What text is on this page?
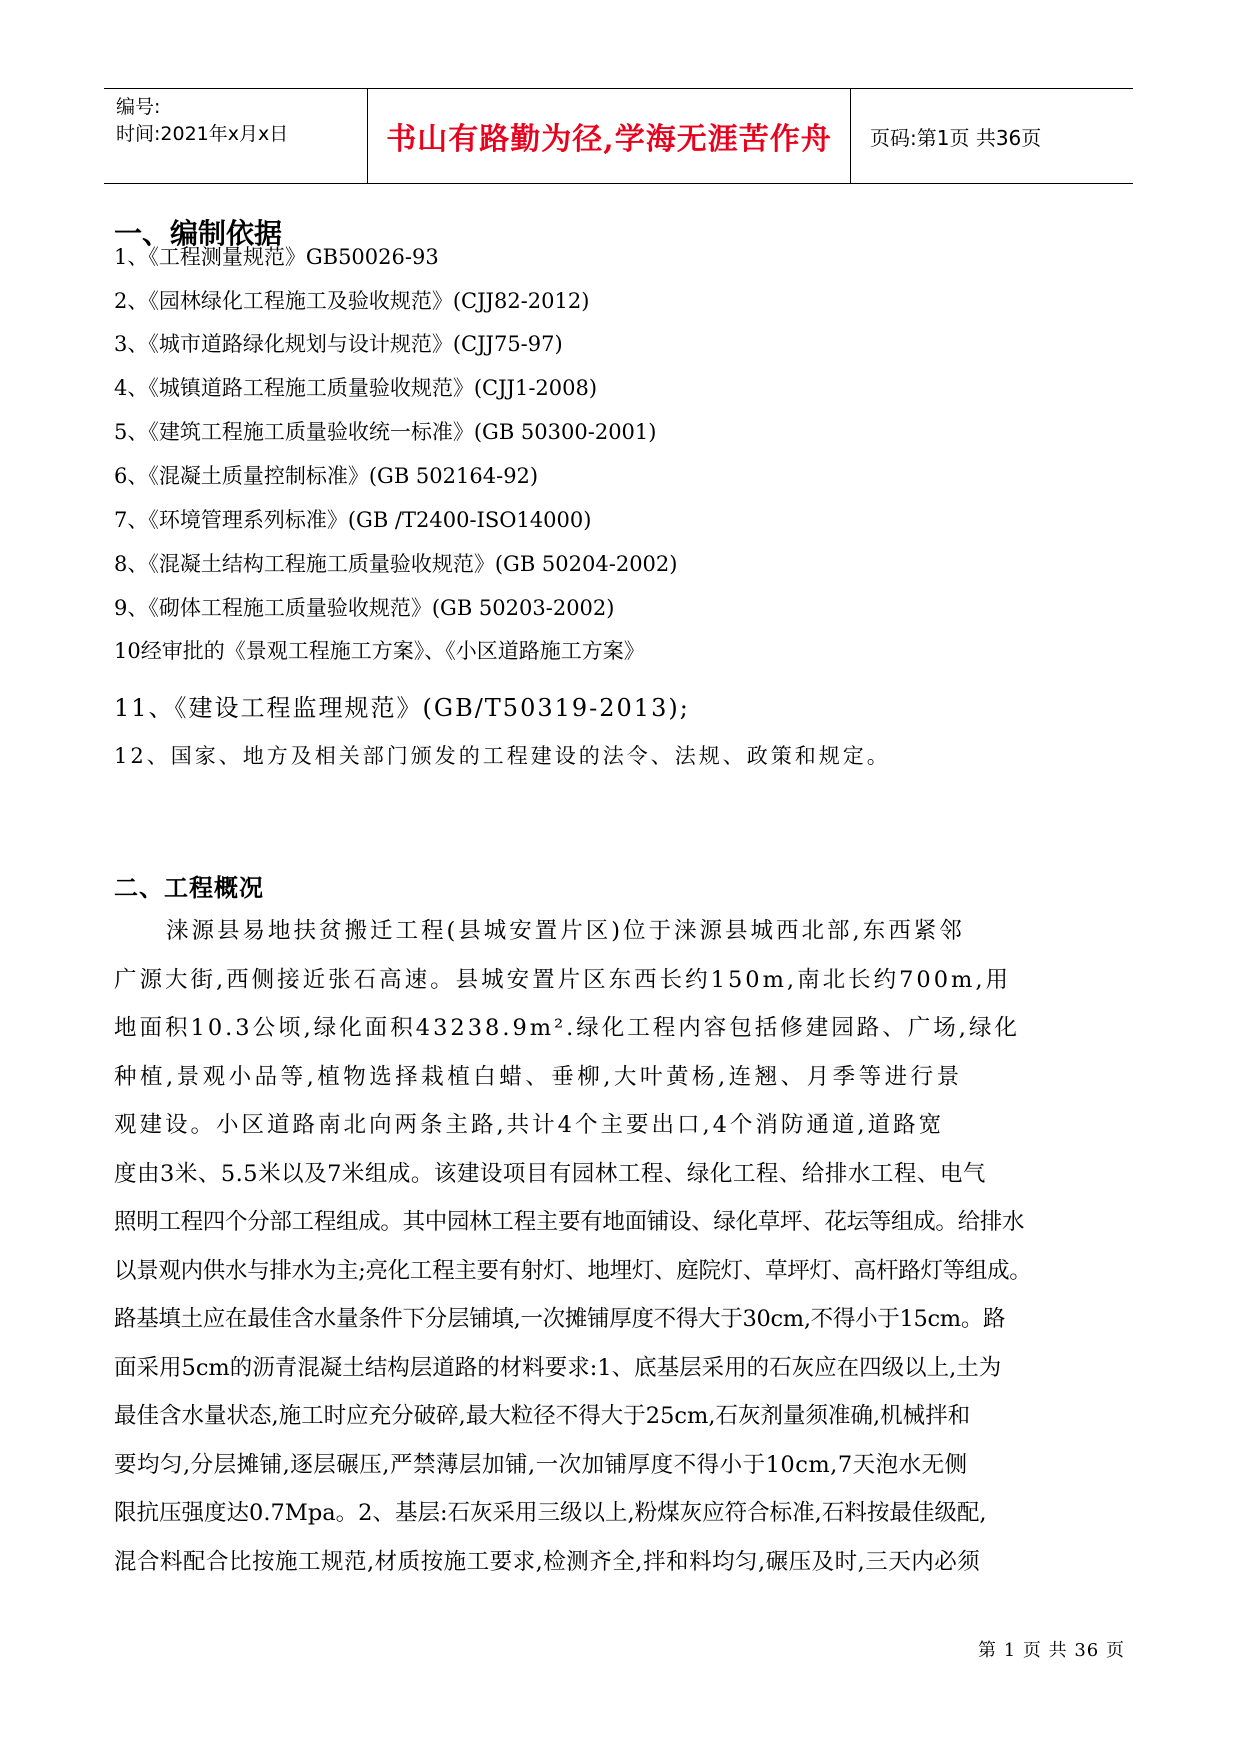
编号:
时间:2021年x月x日	书山有路勤为径,学海无涯苦作舟	页码:第1页 共36页
一、编制依据
1、《工程测量规范》GB50026-93
2、《园林绿化工程施工及验收规范》(CJJ82-2012)
3、《城市道路绿化规划与设计规范》(CJJ75-97)
4、《城镇道路工程施工质量验收规范》(CJJ1-2008)
5、《建筑工程施工质量验收统一标准》(GB 50300-2001)
6、《混凝土质量控制标准》(GB 502164-92)
7、《环境管理系列标准》(GB /T2400-ISO14000)
8、《混凝土结构工程施工质量验收规范》(GB 50204-2002)
9、《砌体工程施工质量验收规范》(GB 50203-2002)
10经审批的《景观工程施工方案》、《小区道路施工方案》
11、《建设工程监理规范》(GB/T50319-2013);
12、国家、地方及相关部门颁发的工程建设的法令、法规、政策和规定。
二、工程概况
涞源县易地扶贫搬迁工程(县城安置片区)位于涞源县城西北部,东西紧邻
广源大街,西侧接近张石高速。县城安置片区东西长约150m,南北长约700m,用
地面积10.3公顷,绿化面积43238.9m².绿化工程内容包括修建园路、广场,绿化
种植,景观小品等,植物选择栽植白蜡、垂柳,大叶黄杨,连翘、月季等进行景
观建设。小区道路南北向两条主路,共计4个主要出口,4个消防通道,道路宽
度由3米、5.5米以及7米组成。该建设项目有园林工程、绿化工程、给排水工程、电气
照明工程四个分部工程组成。其中园林工程主要有地面铺设、绿化草坪、花坛等组成。给排水
以景观内供水与排水为主;亮化工程主要有射灯、地埋灯、庭院灯、草坪灯、高杆路灯等组成。
路基填土应在最佳含水量条件下分层铺填,一次摊铺厚度不得大于30cm,不得小于15cm。路
面采用5cm的沥青混凝土结构层道路的材料要求:1、底基层采用的石灰应在四级以上,土为
最佳含水量状态,施工时应充分破碎,最大粒径不得大于25cm,石灰剂量须准确,机械拌和
要均匀,分层摊铺,逐层碾压,严禁薄层加铺,一次加铺厚度不得小于10cm,7天泡水无侧
限抗压强度达0.7Mpa。2、基层:石灰采用三级以上,粉煤灰应符合标准,石料按最佳级配,
混合料配合比按施工规范,材质按施工要求,检测齐全,拌和料均匀,碾压及时,三天内必须
第 1 页 共 36 页
